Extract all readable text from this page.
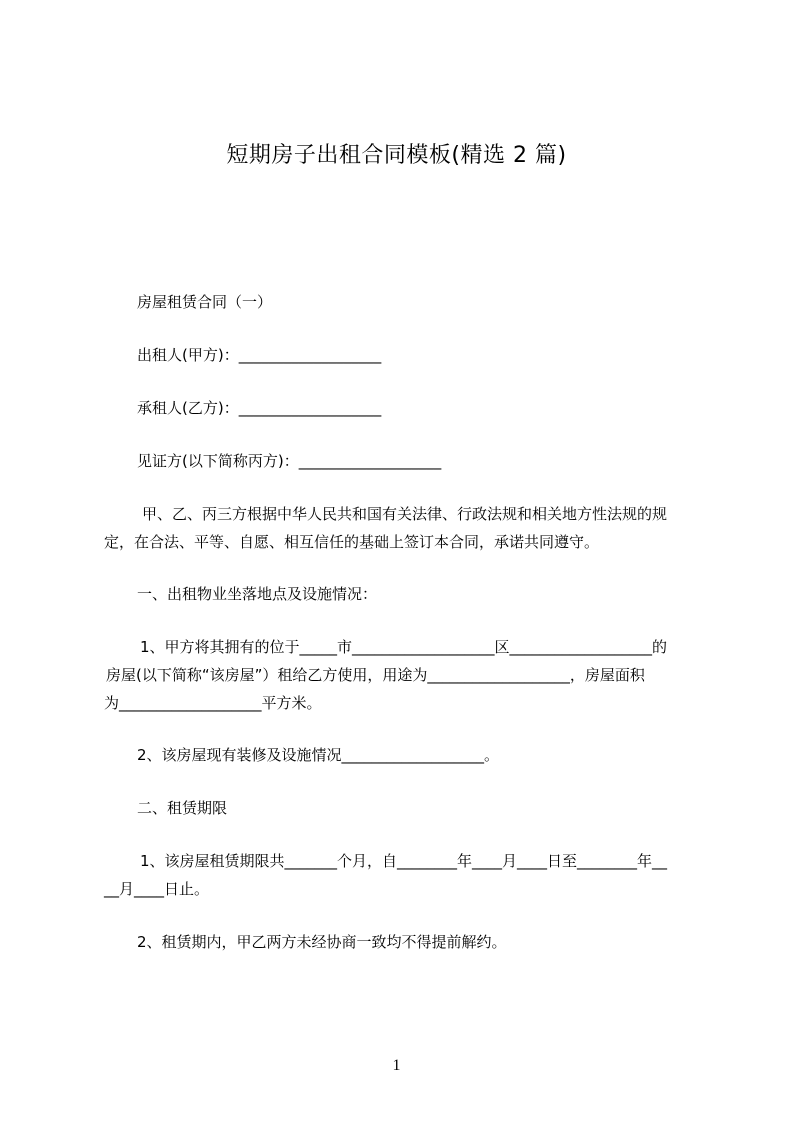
短期房子出租合同模板(精选 2 篇)
房屋租赁合同（一）
出租人(甲方)：___________________
承租人(乙方)：___________________
见证方(以下简称丙方)：___________________
甲、乙、丙三方根据中华人民共和国有关法律、行政法规和相关地方性法规的规
定，在合法、平等、自愿、相互信任的基础上签订本合同，承诺共同遵守。
一、出租物业坐落地点及设施情况：
1、甲方将其拥有的位于_____市___________________区___________________的
房屋(以下简称“该房屋”）租给乙方使用，用途为___________________，房屋面积
为___________________平方米。
2、该房屋现有装修及设施情况___________________。
二、租赁期限
1、该房屋租赁期限共_______个月，自________年____月____日至________年__
__月____日止。
2、租赁期内，甲乙两方未经协商一致均不得提前解约。
1
